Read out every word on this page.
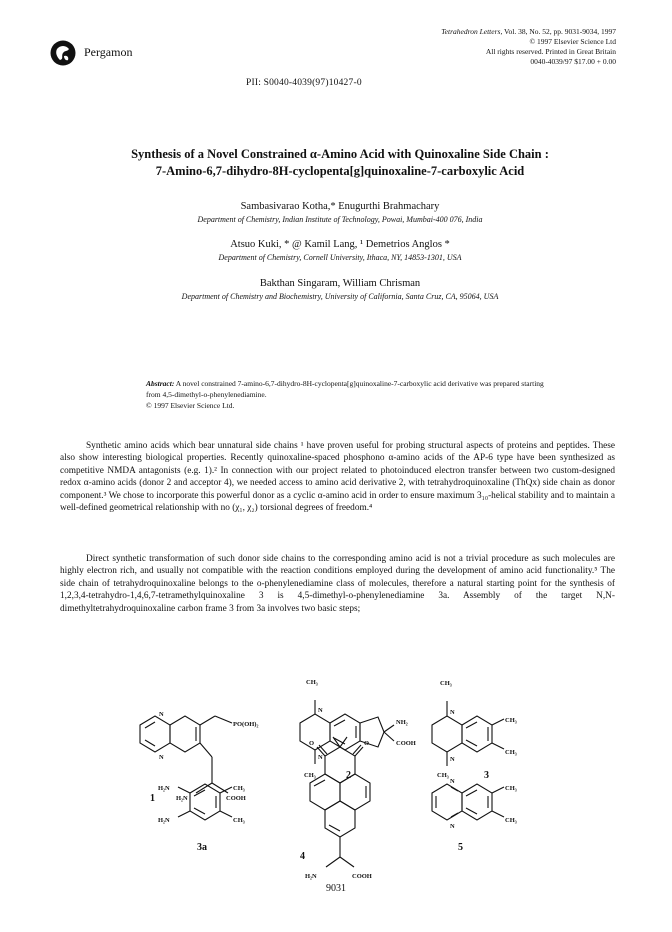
Pergamon
Tetrahedron Letters, Vol. 38, No. 52, pp. 9031-9034, 1997
© 1997 Elsevier Science Ltd
All rights reserved. Printed in Great Britain
0040-4039/97 $17.00 + 0.00
PII: S0040-4039(97)10427-0
Synthesis of a Novel Constrained α-Amino Acid with Quinoxaline Side Chain :
7-Amino-6,7-dihydro-8H-cyclopenta[g]quinoxaline-7-carboxylic Acid
Sambasivarao Kotha,* Enugurthi Brahmachary
Department of Chemistry, Indian Institute of Technology, Powai, Mumbai-400 076, India
Atsuo Kuki, * @ Kamil Lang, ¹ Demetrios Anglos *
Department of Chemistry, Cornell University, Ithaca, NY, 14853-1301, USA
Bakthan Singaram, William Chrisman
Department of Chemistry and Biochemistry, University of California, Santa Cruz, CA, 95064, USA
Abstract: A novel constrained 7-amino-6,7-dihydro-8H-cyclopenta[g]quinoxaline-7-carboxylic acid derivative was prepared starting from 4,5-dimethyl-o-phenylenediamine.
© 1997 Elsevier Science Ltd.
Synthetic amino acids which bear unnatural side chains ¹ have proven useful for probing structural aspects of proteins and peptides. These also show interesting biological properties. Recently quinoxaline-spaced phosphono α-amino acids of the AP-6 type have been synthesized as competitive NMDA antagonists (e.g. 1).² In connection with our project related to photoinduced electron transfer between two custom-designed redox α-amino acids (donor 2 and acceptor 4), we needed access to amino acid derivative 2, with tetrahydroquinoxaline (ThQx) side chain as donor component.³ We chose to incorporate this powerful donor as a cyclic α-amino acid in order to ensure maximum 3₁₀-helical stability and to maintain a well-defined geometrical relationship with no (χ₁, χ₂) torsional degrees of freedom.⁴
Direct synthetic transformation of such donor side chains to the corresponding amino acid is not a trivial procedure as such molecules are highly electron rich, and usually not compatible with the reaction conditions employed during the development of amino acid functionality.⁵ The side chain of tetrahydroquinoxaline belongs to the o-phenylenediamine class of molecules, therefore a natural starting point for the synthesis of 1,2,3,4-tetrahydro-1,4,6,7-tetramethylquinoxaline 3 is 4,5-dimethyl-o-phenylenediamine 3a. Assembly of the target N,N-dimethyltetrahydroquinoxaline carbon frame 3 from 3a involves two basic steps;
N
N
PO(OH)₂
H₂N	COOH
1
CH₃
N
N
NH₂
COOH
CH₃	2
CH₃
N
N
CH₃
CH₃
CH₃	3
H₂N
H₂N
CH₃
CH₃
3a
O	O
H₂N	COOH
4
N
N
CH₃
CH₃
5
9031
